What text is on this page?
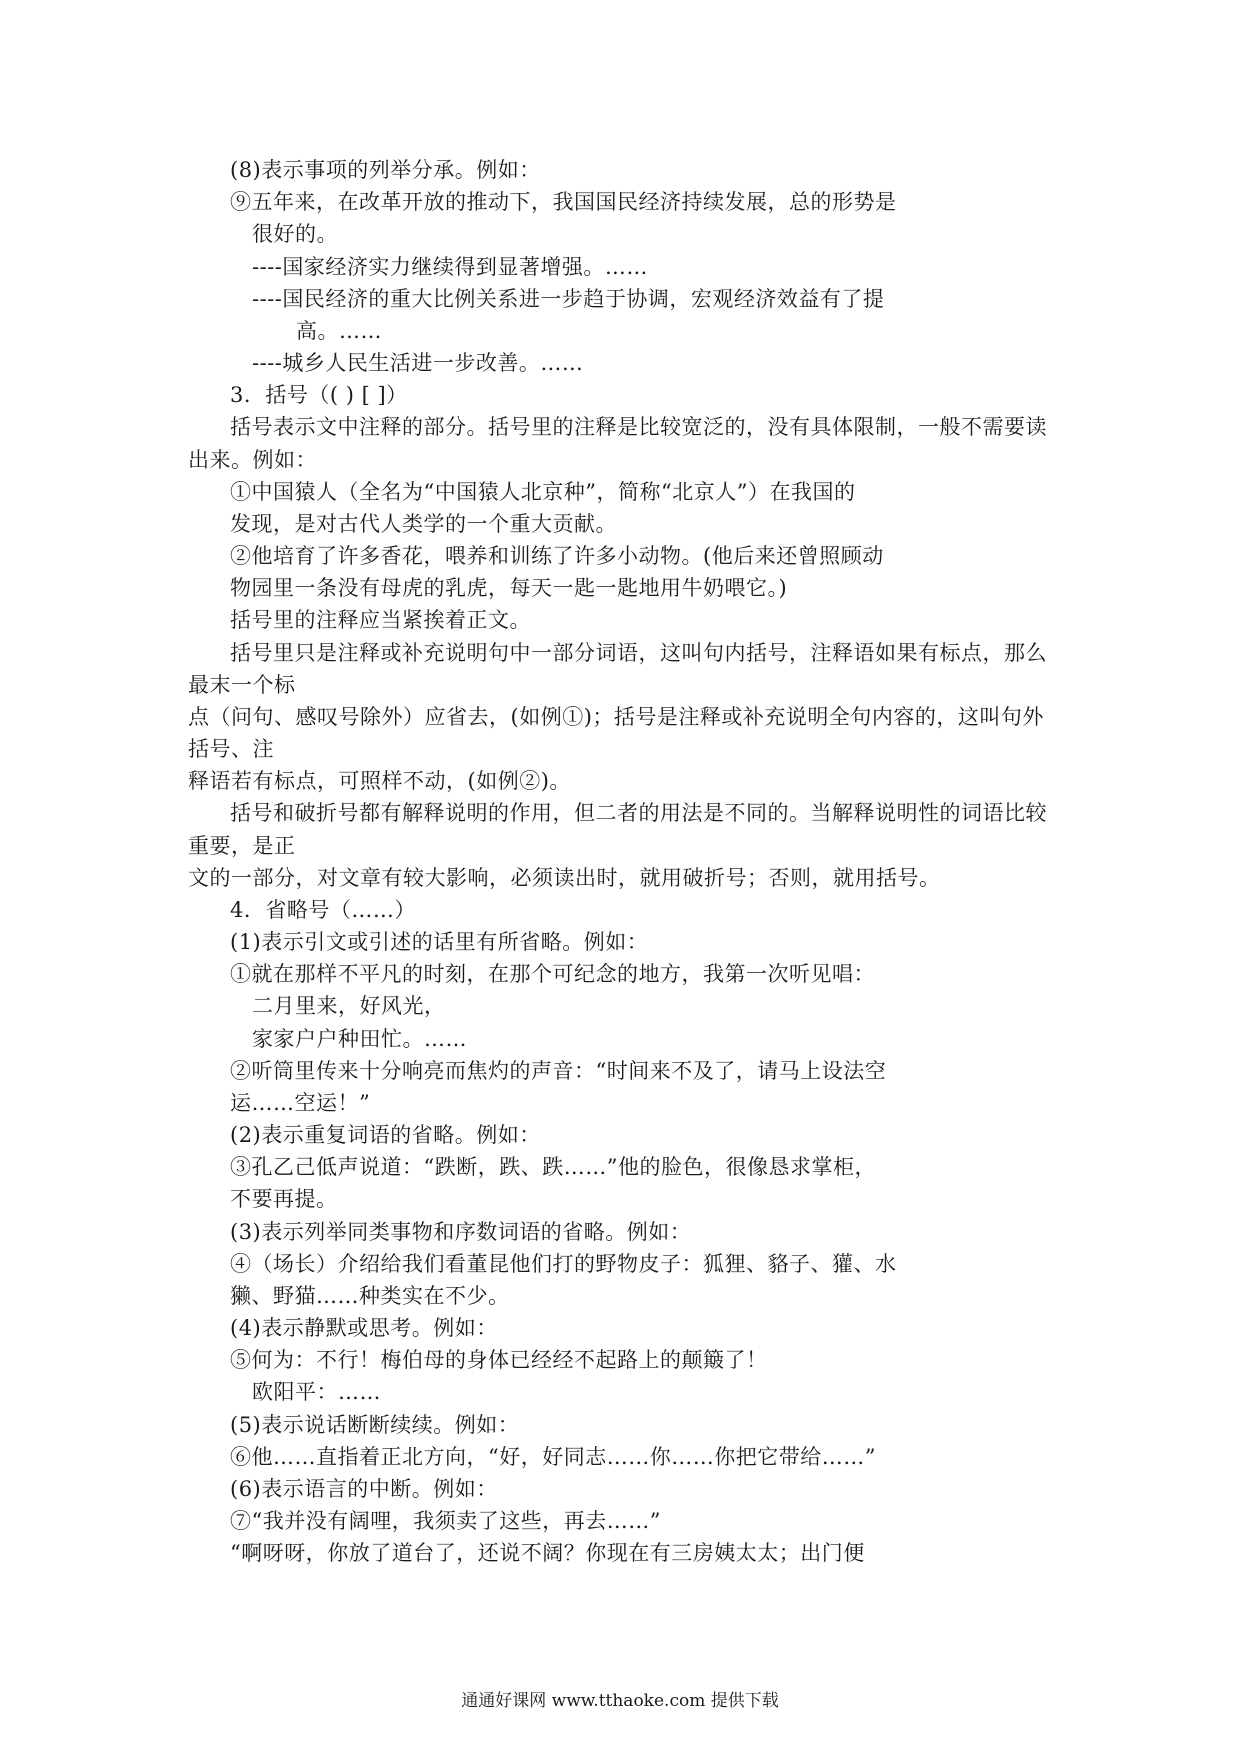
(8)表示事项的列举分承。例如：
⑨五年来，在改革开放的推动下，我国国民经济持续发展，总的形势是
很好的。
----国家经济实力继续得到显著增强。……
----国民经济的重大比例关系进一步趋于协调，宏观经济效益有了提
高。……
----城乡人民生活进一步改善。……
3．括号（( ) [ ]）
括号表示文中注释的部分。括号里的注释是比较宽泛的，没有具体限制，一般不需要读
出来。例如：
①中国猿人（全名为“中国猿人北京种”，简称“北京人”）在我国的
发现，是对古代人类学的一个重大贡献。
②他培育了许多香花，喂养和训练了许多小动物。(他后来还曾照顾动
物园里一条没有母虎的乳虎，每天一匙一匙地用牛奶喂它。)
括号里的注释应当紧挨着正文。
括号里只是注释或补充说明句中一部分词语，这叫句内括号，注释语如果有标点，那么
最末一个标
点（问句、感叹号除外）应省去，(如例①)；括号是注释或补充说明全句内容的，这叫句外
括号、注
释语若有标点，可照样不动，(如例②)。
括号和破折号都有解释说明的作用，但二者的用法是不同的。当解释说明性的词语比较
重要，是正
文的一部分，对文章有较大影响，必须读出时，就用破折号；否则，就用括号。
4．省略号（……）
(1)表示引文或引述的话里有所省略。例如：
①就在那样不平凡的时刻，在那个可纪念的地方，我第一次听见唱：
二月里来，好风光，
家家户户种田忙。……
②听筒里传来十分响亮而焦灼的声音：“时间来不及了，请马上设法空
运……空运！”
(2)表示重复词语的省略。例如：
③孔乙己低声说道：“跌断，跌、跌……”他的脸色，很像恳求掌柜，
不要再提。
(3)表示列举同类事物和序数词语的省略。例如：
④（场长）介绍给我们看董昆他们打的野物皮子：狐狸、貉子、獾、水
獭、野猫……种类实在不少。
(4)表示静默或思考。例如：
⑤何为：不行！梅伯母的身体已经经不起路上的颠簸了！
欧阳平：……
(5)表示说话断断续续。例如：
⑥他……直指着正北方向，“好，好同志……你……你把它带给……”
(6)表示语言的中断。例如：
⑦“我并没有阔哩，我须卖了这些，再去……”
“啊呀呀，你放了道台了，还说不阔？你现在有三房姨太太；出门便
通通好课网 www.tthaoke.com 提供下载
